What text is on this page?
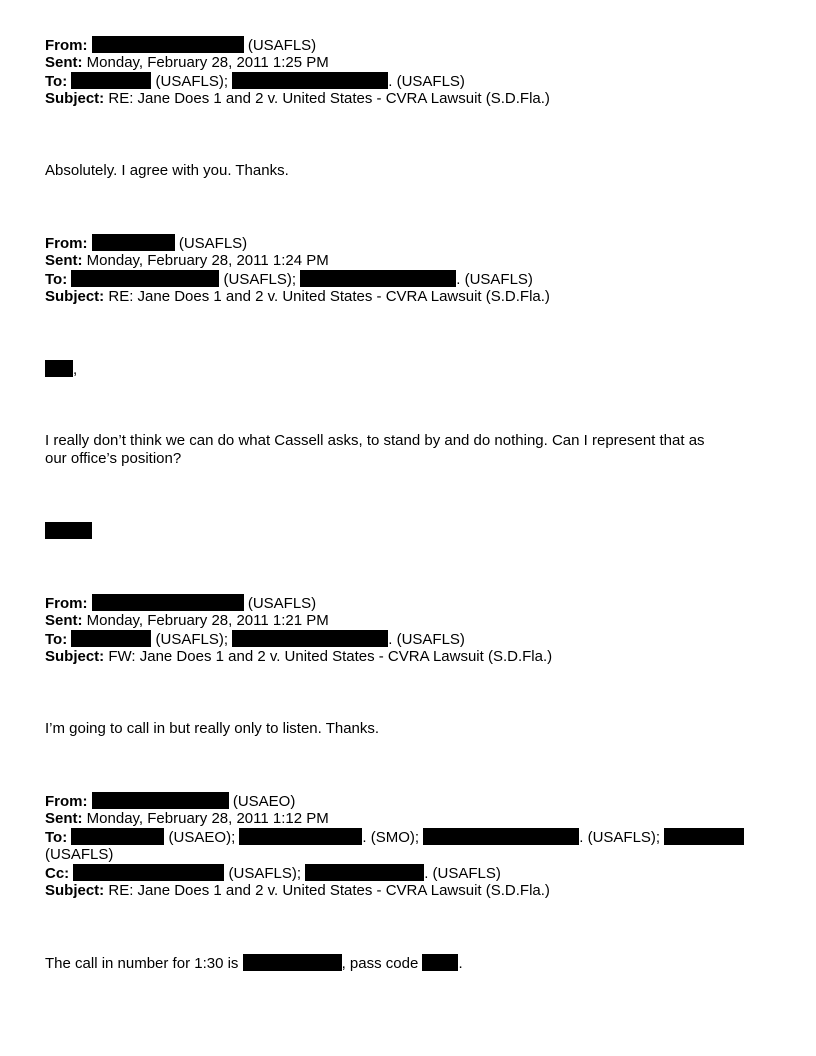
From:	(USAFLS)
Sent: Monday, February 28, 2011 1:25 PM
To:	(USAFLS);	. (USAFLS)
Subject: RE: Jane Does 1 and 2 v. United States - CVRA Lawsuit (S.D.Fla.)
Absolutely. I agree with you. Thanks.
From:	(USAFLS)
Sent: Monday, February 28, 2011 1:24 PM
To:	(USAFLS);	. (USAFLS)
Subject: RE: Jane Does 1 and 2 v. United States - CVRA Lawsuit (S.D.Fla.)
,
I really don’t think we can do what Cassell asks, to stand by and do nothing. Can I represent that as
our office’s position?
From:	(USAFLS)
Sent: Monday, February 28, 2011 1:21 PM
To:	(USAFLS);	. (USAFLS)
Subject: FW: Jane Does 1 and 2 v. United States - CVRA Lawsuit (S.D.Fla.)
I’m going to call in but really only to listen. Thanks.
From:	(USAEO)
Sent: Monday, February 28, 2011 1:12 PM
To:	(USAEO);	. (SMO);	. (USAFLS);
(USAFLS)
Cc:	(USAFLS);	. (USAFLS)
Subject: RE: Jane Does 1 and 2 v. United States - CVRA Lawsuit (S.D.Fla.)
The call in number for 1:30 is	, pass code .
